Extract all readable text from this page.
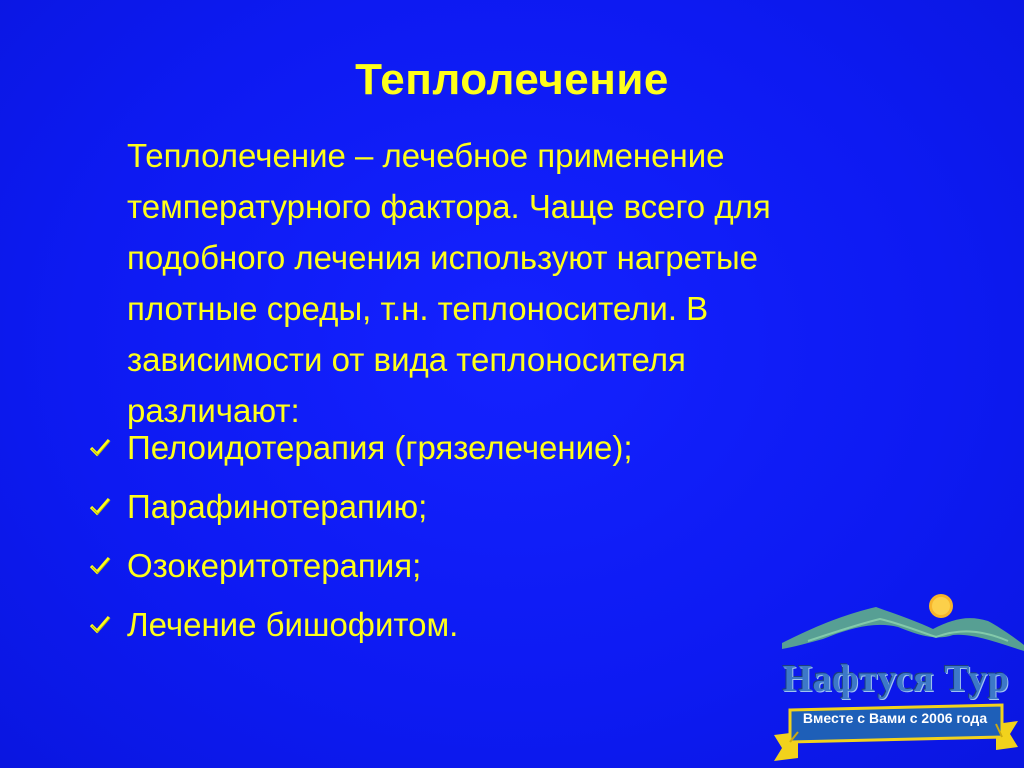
Теплолечение
Теплолечение – лечебное применение
температурного фактора. Чаще всего для
подобного лечения используют нагретые
плотные среды, т.н. теплоносители. В
зависимости от вида теплоносителя
различают:
Пелоидотерапия (грязелечение);
Парафинотерапию;
Озокеритотерапия;
Лечение бишофитом.
Нафтуся Тур
Вместе с Вами с 2006 года
